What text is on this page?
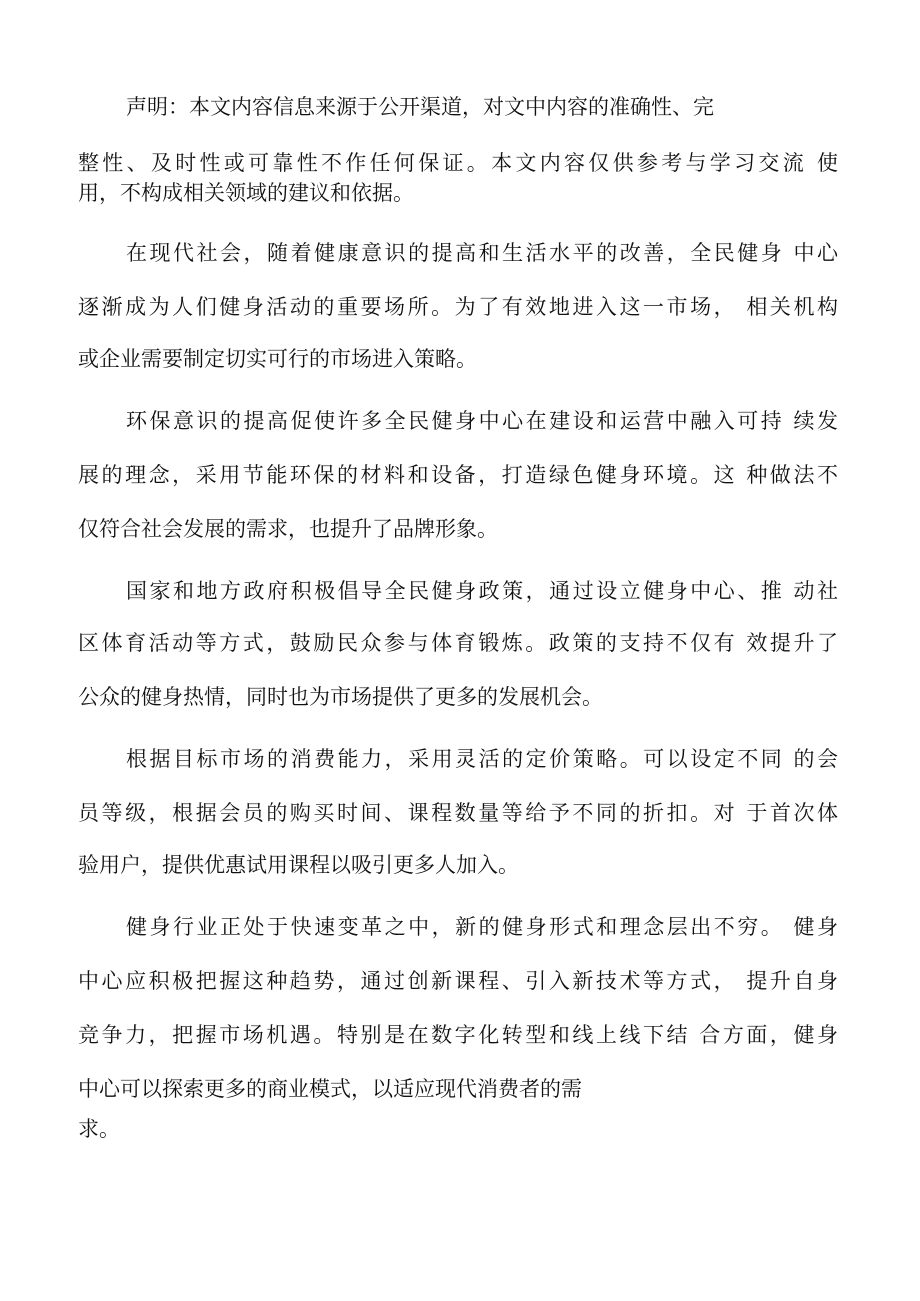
声明：本文内容信息来源于公开渠道，对文中内容的准确性、完
整性、及时性或可靠性不作任何保证。本文内容仅供参考与学习交流 使
用，不构成相关领域的建议和依据。
在现代社会，随着健康意识的提高和生活水平的改善，全民健身 中心
逐渐成为人们健身活动的重要场所。为了有效地进入这一市场， 相关机构
或企业需要制定切实可行的市场进入策略。
环保意识的提高促使许多全民健身中心在建设和运营中融入可持 续发
展的理念，采用节能环保的材料和设备，打造绿色健身环境。这 种做法不
仅符合社会发展的需求，也提升了品牌形象。
国家和地方政府积极倡导全民健身政策，通过设立健身中心、推 动社
区体育活动等方式，鼓励民众参与体育锻炼。政策的支持不仅有 效提升了
公众的健身热情，同时也为市场提供了更多的发展机会。
根据目标市场的消费能力，采用灵活的定价策略。可以设定不同 的会
员等级，根据会员的购买时间、课程数量等给予不同的折扣。对 于首次体
验用户，提供优惠试用课程以吸引更多人加入。
健身行业正处于快速变革之中，新的健身形式和理念层出不穷。 健身
中心应积极把握这种趋势，通过创新课程、引入新技术等方式， 提升自身
竞争力，把握市场机遇。特别是在数字化转型和线上线下结 合方面，健身
中心可以探索更多的商业模式，以适应现代消费者的需
求。
